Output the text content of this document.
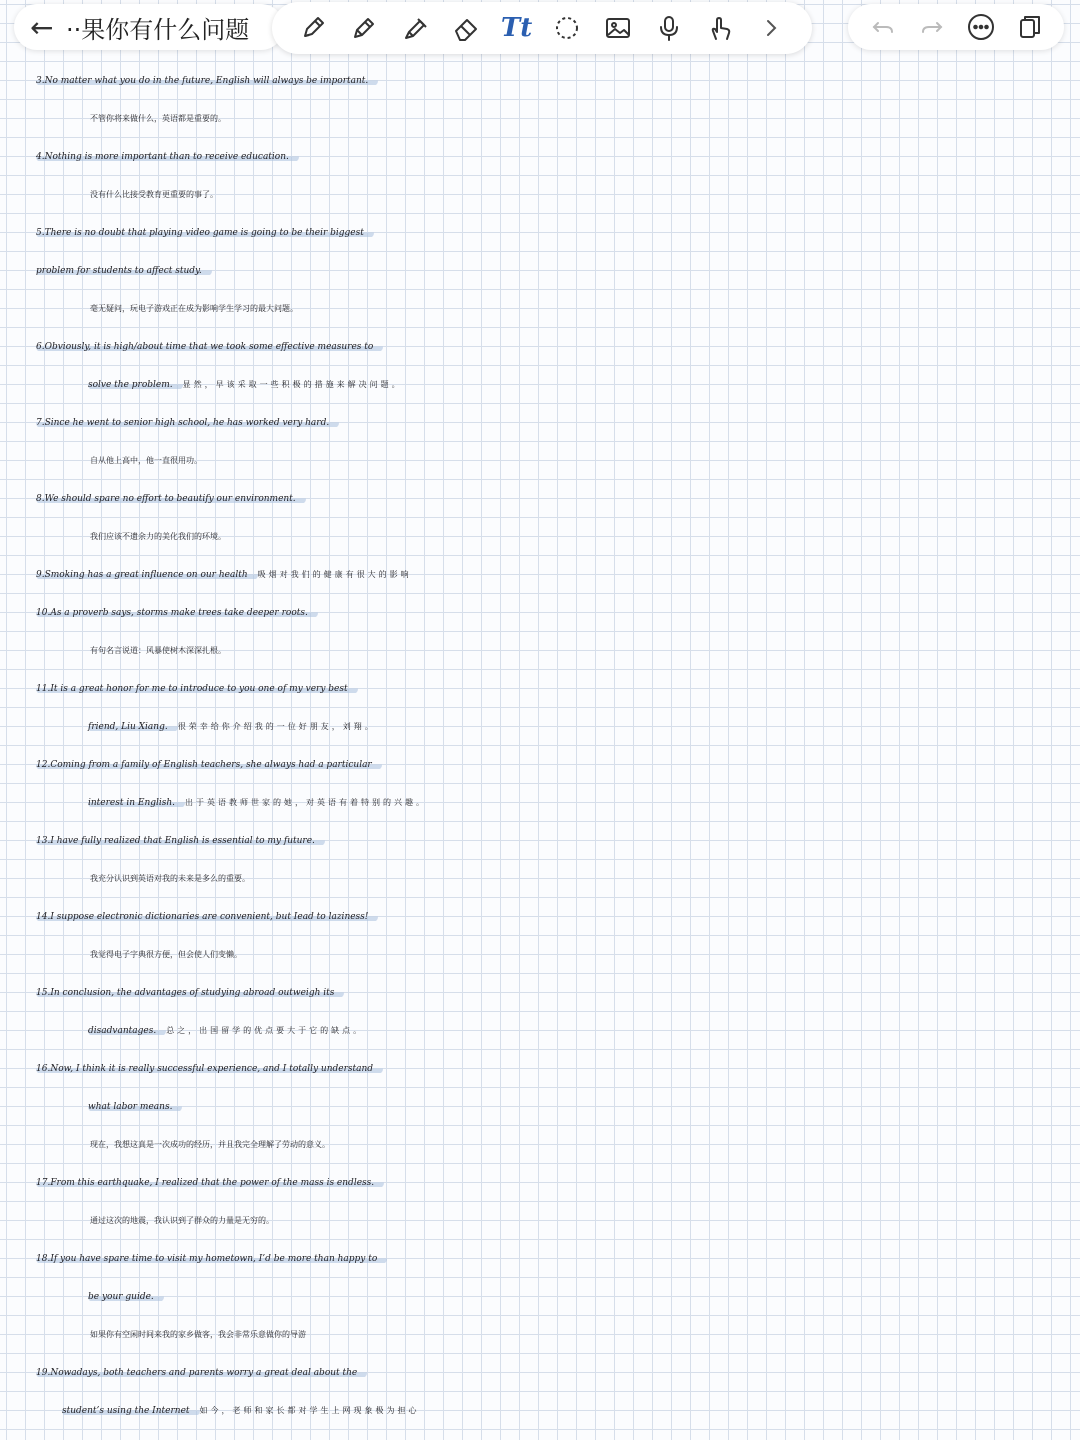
← ··果你有什么问题	Tt
3.No matter what you do in the future, English will always be important.
不管你将来做什么，英语都是重要的。
4.Nothing is more important than to receive education.
没有什么比接受教育更重要的事了。
5.There is no doubt that playing video game is going to be their biggest
problem for students to affect study.
毫无疑问，玩电子游戏正在成为影响学生学习的最大问题。
6.Obviously, it is high/about time that we took some effective measures to
solve the problem. 显然，早该采取一些积极的措施来解决问题。
7.Since he went to senior high school, he has worked very hard.
自从他上高中，他一直很用功。
8.We should spare no effort to beautify our environment.
我们应该不遗余力的美化我们的环境。
9.Smoking has a great influence on our health 吸烟对我们的健康有很大的影响
10.As a proverb says, storms make trees take deeper roots.
有句名言说道：风暴使树木深深扎根。
11.It is a great honor for me to introduce to you one of my very best
friend, Liu Xiang. 很荣幸给你介绍我的一位好朋友，刘翔。
12.Coming from a family of English teachers, she always had a particular
interest in English. 出于英语教师世家的她，对英语有着特别的兴趣。
13.I have fully realized that English is essential to my future.
我充分认识到英语对我的未来是多么的重要。
14.I suppose electronic dictionaries are convenient, but Iead to laziness!
我觉得电子字典很方便，但会使人们变懒。
15.In conclusion, the advantages of studying abroad outweigh its
disadvantages. 总之，出国留学的优点要大于它的缺点。
16.Now, I think it is really successful experience, and I totally understand
what labor means.
现在，我想这真是一次成功的经历，并且我完全理解了劳动的意义。
17.From this earthquake, I realized that the power of the mass is endless.
通过这次的地震，我认识到了群众的力量是无穷的。
18.If you have spare time to visit my hometown, I’d be more than happy to
be your guide.
如果你有空闲时间来我的家乡做客，我会非常乐意做你的导游
19.Nowadays, both teachers and parents worry a great deal about the
student’s using the Internet 如今，老师和家长都对学生上网现象极为担心
